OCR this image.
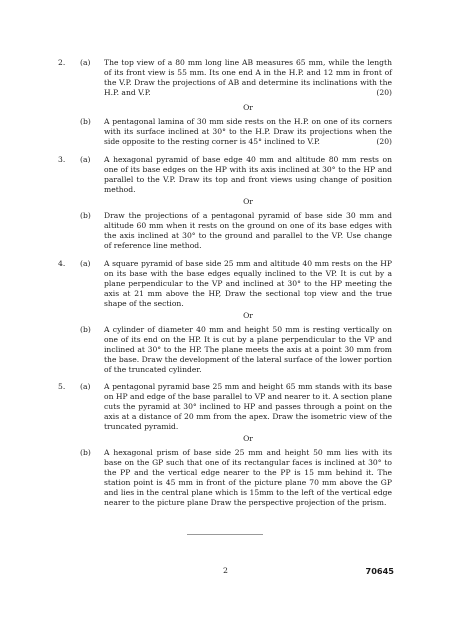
2.	(a)	The top view of a 80 mm long line AB measures 65 mm, while the length of its front view is 55 mm. Its one end A in the H.P. and 12 mm in front of the V.P. Draw the projections of AB and determine its inclinations with the H.P. and V.P.	(20)
Or
(b)	A pentagonal lamina of 30 mm side rests on the H.P. on one of its corners with its surface inclined at 30° to the H.P. Draw its projections when the side opposite to the resting corner is 45° inclined to V.P.	(20)
3.	(a)	A hexagonal pyramid of base edge 40 mm and altitude 80 mm rests on one of its base edges on the HP with its axis inclined at 30° to the HP and parallel to the V.P. Draw its top and front views using change of position method.

Or
(b)	Draw the projections of a pentagonal pyramid of base side 30 mm and altitude 60 mm when it rests on the ground on one of its base edges with the axis inclined at 30° to the ground and parallel to the VP. Use change of reference line method.

4.	(a)	A square pyramid of base side 25 mm and altitude 40 mm rests on the HP on its base with the base edges equally inclined to the VP. It is cut by a plane perpendicular to the VP and inclined at 30° to the HP meeting the axis at 21 mm above the HP, Draw the sectional top view and the true shape of the section.

Or
(b)	A cylinder of diameter 40 mm and height 50 mm is resting vertically on one of its end on the HP. It is cut by a plane perpendicular to the VP and inclined at 30° to the HP. The plane meets the axis at a point 30 mm from the base. Draw the development of the lateral surface of the lower portion of the truncated cylinder.

5.	(a)	A pentagonal pyramid base 25 mm and height 65 mm stands with its base on HP and edge of the base parallel to VP and nearer to it. A section plane cuts the pyramid at 30° inclined to HP and passes through a point on the axis at a distance of 20 mm from the apex. Draw the isometric view of the truncated pyramid.

Or
(b)	A hexagonal prism of base side 25 mm and height 50 mm lies with its base on the GP such that one of its rectangular faces is inclined at 30° to the PP and the vertical edge nearer to the PP is 15 mm behind it. The station point is 45 mm in front of the picture plane 70 mm above the GP and lies in the central plane which is 15mm to the left of the vertical edge nearer to the picture plane Draw the perspective projection of the prism.

2	70645
